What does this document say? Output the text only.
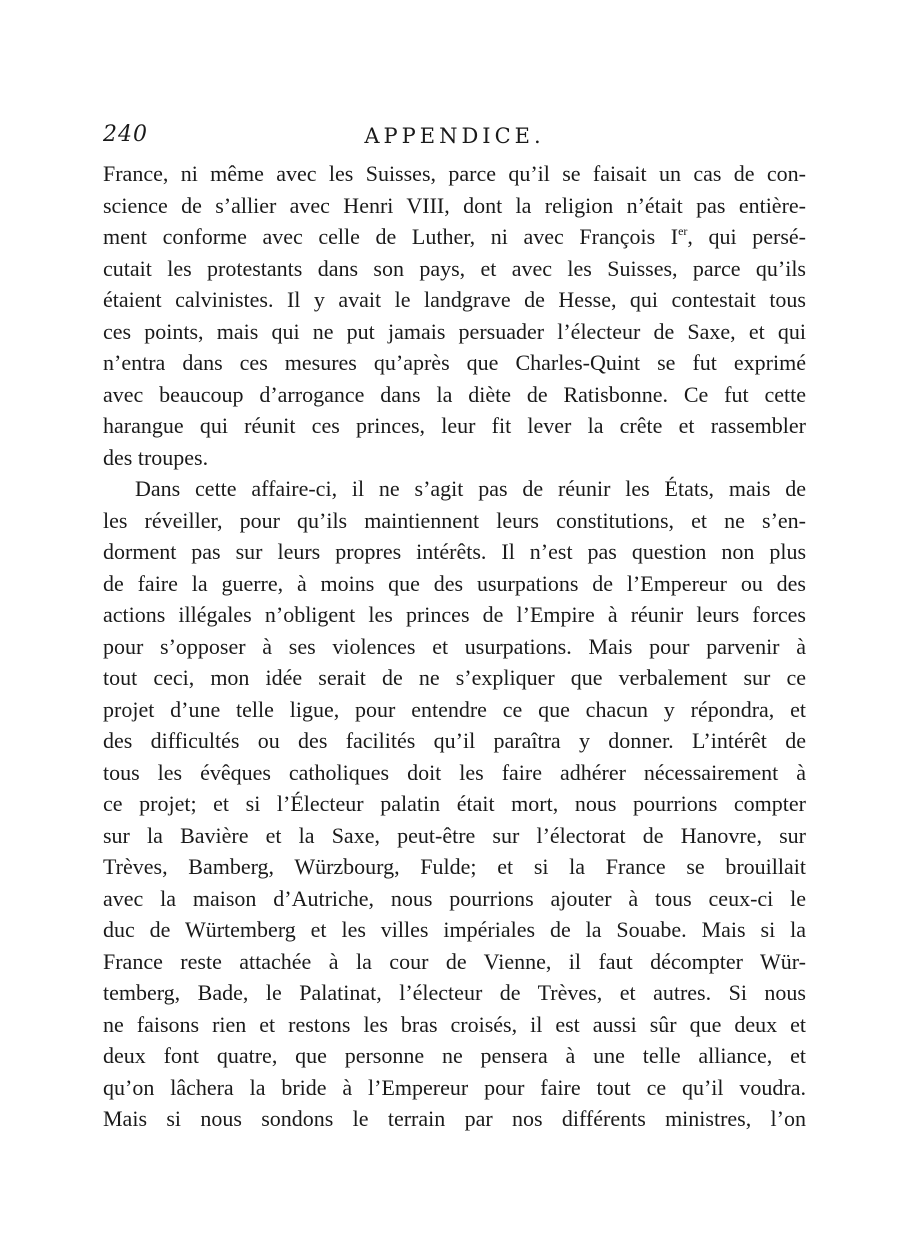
240	APPENDICE.
France, ni même avec les Suisses, parce qu’il se faisait un cas de con-
science de s’allier avec Henri VIII, dont la religion n’était pas entière-
ment conforme avec celle de Luther, ni avec François Ier, qui persé-
cutait les protestants dans son pays, et avec les Suisses, parce qu’ils
étaient calvinistes. Il y avait le landgrave de Hesse, qui contestait tous
ces points, mais qui ne put jamais persuader l’électeur de Saxe, et qui
n’entra dans ces mesures qu’après que Charles-Quint se fut exprimé
avec beaucoup d’arrogance dans la diète de Ratisbonne. Ce fut cette
harangue qui réunit ces princes, leur fit lever la crête et rassembler
des troupes.
Dans cette affaire-ci, il ne s’agit pas de réunir les États, mais de
les réveiller, pour qu’ils maintiennent leurs constitutions, et ne s’en-
dorment pas sur leurs propres intérêts. Il n’est pas question non plus
de faire la guerre, à moins que des usurpations de l’Empereur ou des
actions illégales n’obligent les princes de l’Empire à réunir leurs forces
pour s’opposer à ses violences et usurpations. Mais pour parvenir à
tout ceci, mon idée serait de ne s’expliquer que verbalement sur ce
projet d’une telle ligue, pour entendre ce que chacun y répondra, et
des difficultés ou des facilités qu’il paraîtra y donner. L’intérêt de
tous les évêques catholiques doit les faire adhérer nécessairement à
ce projet; et si l’Électeur palatin était mort, nous pourrions compter
sur la Bavière et la Saxe, peut-être sur l’électorat de Hanovre, sur
Trèves, Bamberg, Würzbourg, Fulde; et si la France se brouillait
avec la maison d’Autriche, nous pourrions ajouter à tous ceux-ci le
duc de Würtemberg et les villes impériales de la Souabe. Mais si la
France reste attachée à la cour de Vienne, il faut décompter Wür-
temberg, Bade, le Palatinat, l’électeur de Trèves, et autres. Si nous
ne faisons rien et restons les bras croisés, il est aussi sûr que deux et
deux font quatre, que personne ne pensera à une telle alliance, et
qu’on lâchera la bride à l’Empereur pour faire tout ce qu’il voudra.
Mais si nous sondons le terrain par nos différents ministres, l’on
